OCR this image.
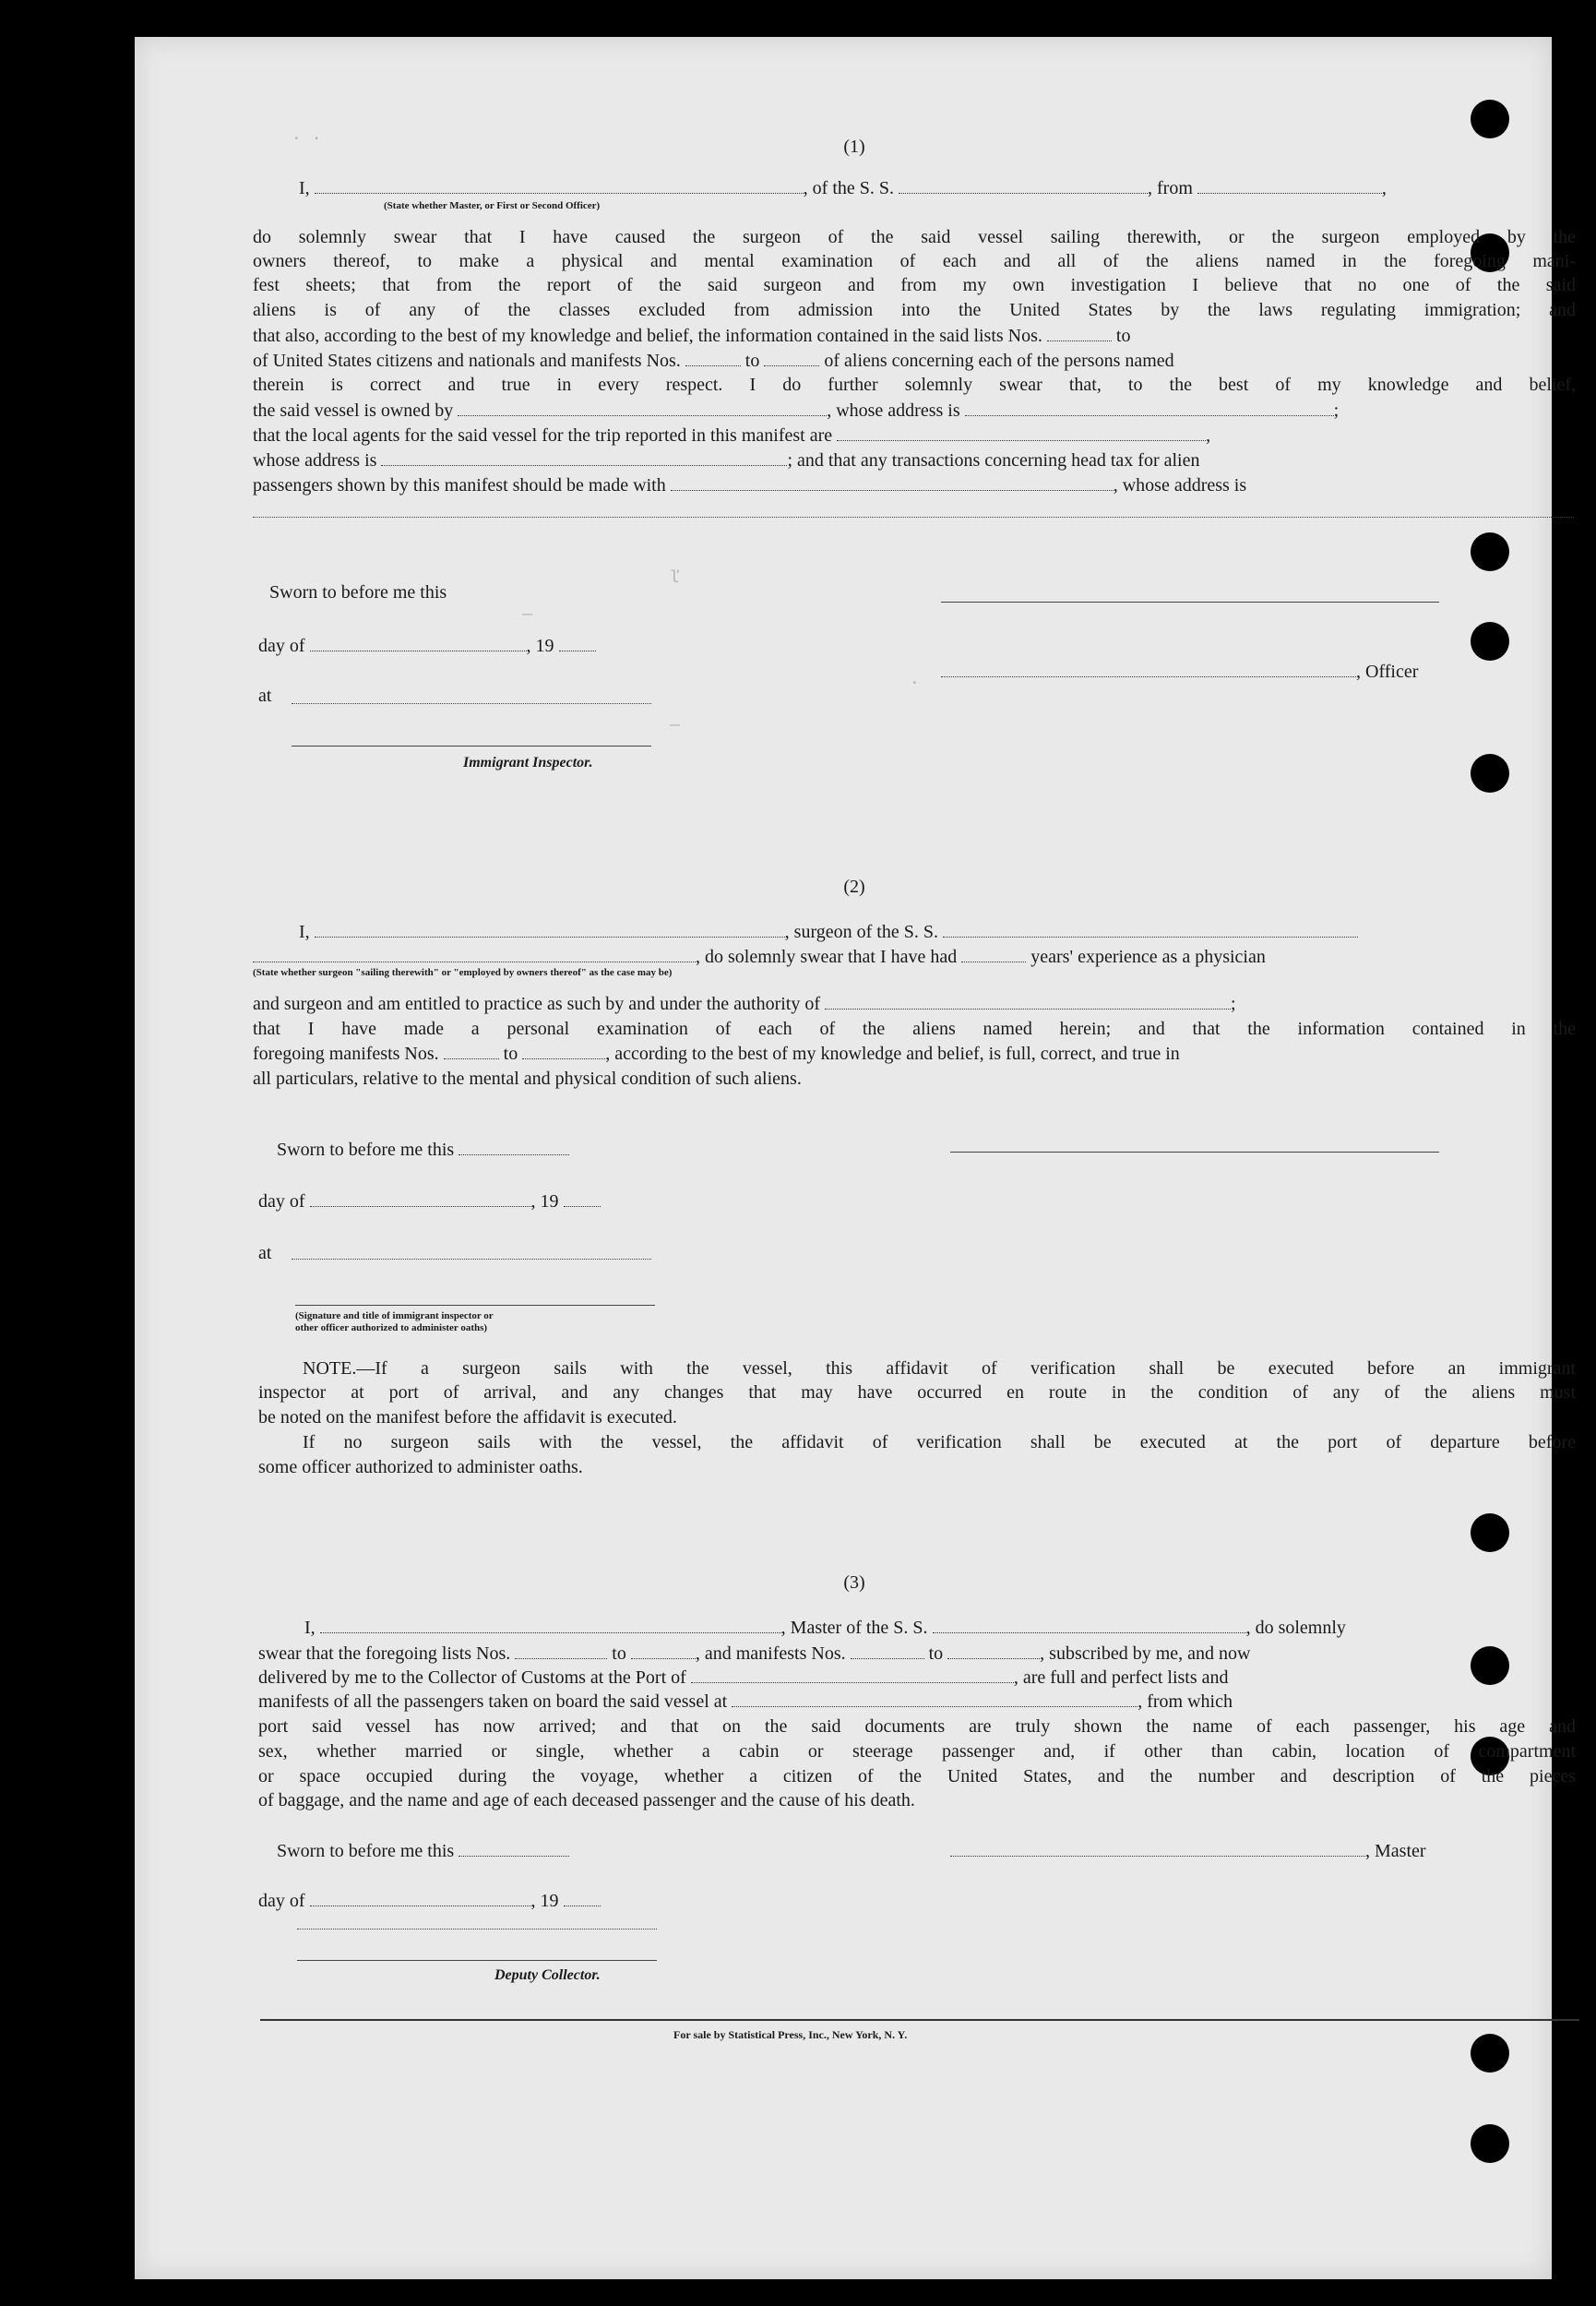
· ·
ľ
—
·
—
(1)
I,	, of the S. S.	, from	,
(State whether Master, or First or Second Officer)
do solemnly swear that I have caused the surgeon of the said vessel sailing therewith, or the surgeon employed by the
owners thereof, to make a physical and mental examination of each and all of the aliens named in the foregoing mani-
fest sheets; that from the report of the said surgeon and from my own investigation I believe that no one of the said
aliens is of any of the classes excluded from admission into the United States by the laws regulating immigration; and
that also, according to the best of my knowledge and belief, the information contained in the said lists Nos.	to
of United States citizens and nationals and manifests Nos.	to	of aliens concerning each of the persons named
therein is correct and true in every respect. I do further solemnly swear that, to the best of my knowledge and belief,
the said vessel is owned by	, whose address is	;
that the local agents for the said vessel for the trip reported in this manifest are	,
whose address is	; and that any transactions concerning head tax for alien
passengers shown by this manifest should be made with	, whose address is
Sworn to before me this
day of	, 19
, Officer
at
Immigrant Inspector.
(2)
I,	, surgeon of the S. S.
, do solemnly swear that I have had	years' experience as a physician
(State whether surgeon "sailing therewith" or "employed by owners thereof" as the case may be)
and surgeon and am entitled to practice as such by and under the authority of	;
that I have made a personal examination of each of the aliens named herein; and that the information contained in the
foregoing manifests Nos.	to	, according to the best of my knowledge and belief, is full, correct, and true in
all particulars, relative to the mental and physical condition of such aliens.
Sworn to before me this
day of	, 19
at
(Signature and title of immigrant inspector or other officer authorized to administer oaths)
NOTE.—If a surgeon sails with the vessel, this affidavit of verification shall be executed before an immigrant
inspector at port of arrival, and any changes that may have occurred en route in the condition of any of the aliens must
be noted on the manifest before the affidavit is executed.
If no surgeon sails with the vessel, the affidavit of verification shall be executed at the port of departure before
some officer authorized to administer oaths.
(3)
I,	, Master of the S. S.	, do solemnly
swear that the foregoing lists Nos.	to	, and manifests Nos.	to	, subscribed by me, and now
delivered by me to the Collector of Customs at the Port of	, are full and perfect lists and
manifests of all the passengers taken on board the said vessel at	, from which
port said vessel has now arrived; and that on the said documents are truly shown the name of each passenger, his age and
sex, whether married or single, whether a cabin or steerage passenger and, if other than cabin, location of compartment
or space occupied during the voyage, whether a citizen of the United States, and the number and description of the pieces
of baggage, and the name and age of each deceased passenger and the cause of his death.
Sworn to before me this	, Master
day of	, 19
Deputy Collector.
For sale by Statistical Press, Inc., New York, N. Y.
